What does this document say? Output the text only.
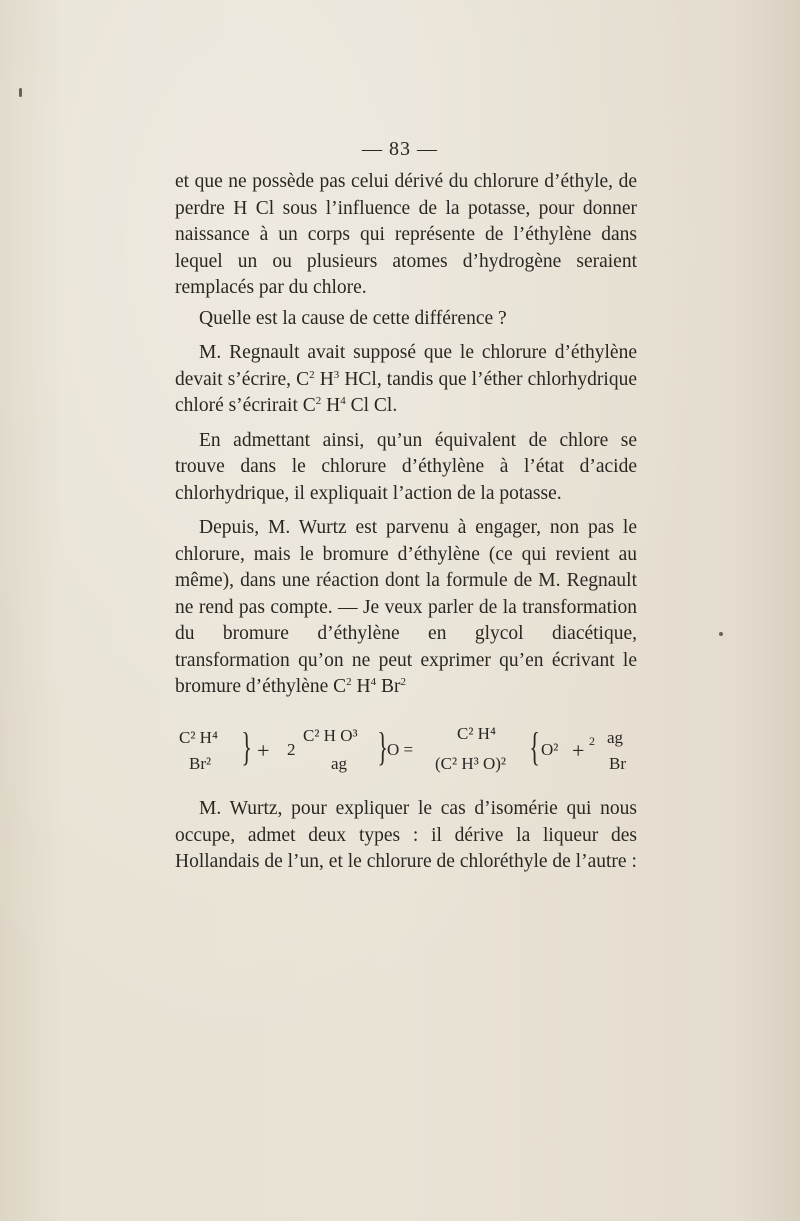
— 83 —

et que ne possède pas celui dérivé du chlorure d’éthyle, de perdre H Cl sous l’influence de la potasse, pour donner naissance à un corps qui représente de l’éthylène dans lequel un ou plusieurs atomes d’hydrogène seraient remplacés par du chlore.

Quelle est la cause de cette différence ?

M. Regnault avait supposé que le chlorure d’éthylène devait s’écrire, $C^2$ $H^3$ HCl, tandis que l’éther chlorhydrique chloré s’écrirait $C^2$ $H^4$ Cl Cl.

En admettant ainsi, qu’un équivalent de chlore se trouve dans le chlorure d’éthylène à l’état d’acide chlorhydrique, il expliquait l’action de la potasse.

Depuis, M. Wurtz est parvenu à engager, non pas le chlorure, mais le bromure d’éthylène (ce qui revient au même), dans une réaction dont la formule de M. Regnault ne rend pas compte. — Je veux parler de la transformation du bromure d’éthylène en glycol diacétique, transformation qu’on ne peut exprimer qu’en écrivant le bromure d’éthylène $C^2$ $H^4$ Br$^2$

C² H⁴
Br² } + 2
C² H O³
ag } O =
C² H⁴
(C² H³ O)² { O² + 2 ag
Br

M. Wurtz, pour expliquer le cas d’isomérie qui nous occupe, admet deux types : il dérive la liqueur des Hollandais de l’un, et le chlorure de chloréthyle de l’autre :
